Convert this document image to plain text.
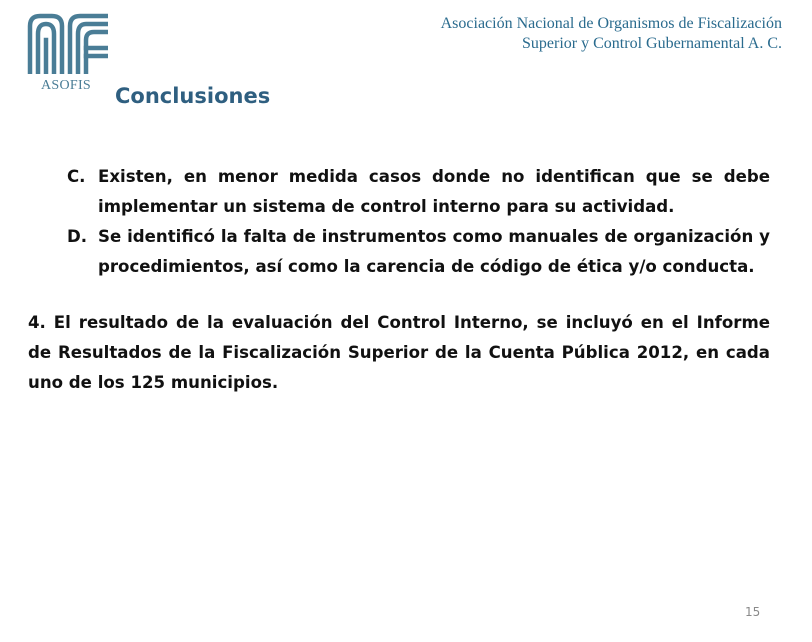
ASOFIS
Asociación Nacional de Organismos de Fiscalización
Superior y Control Gubernamental A. C.
Conclusiones
C. Existen, en menor medida casos donde no identifican que se debe implementar un sistema de control interno para su actividad.
D. Se identificó la falta de instrumentos como manuales de organización y procedimientos, así como la carencia de código de ética y/o conducta.
4. El resultado de la evaluación del Control Interno, se incluyó en el Informe de Resultados de la Fiscalización Superior de la Cuenta Pública 2012, en cada uno de los 125 municipios.
15
